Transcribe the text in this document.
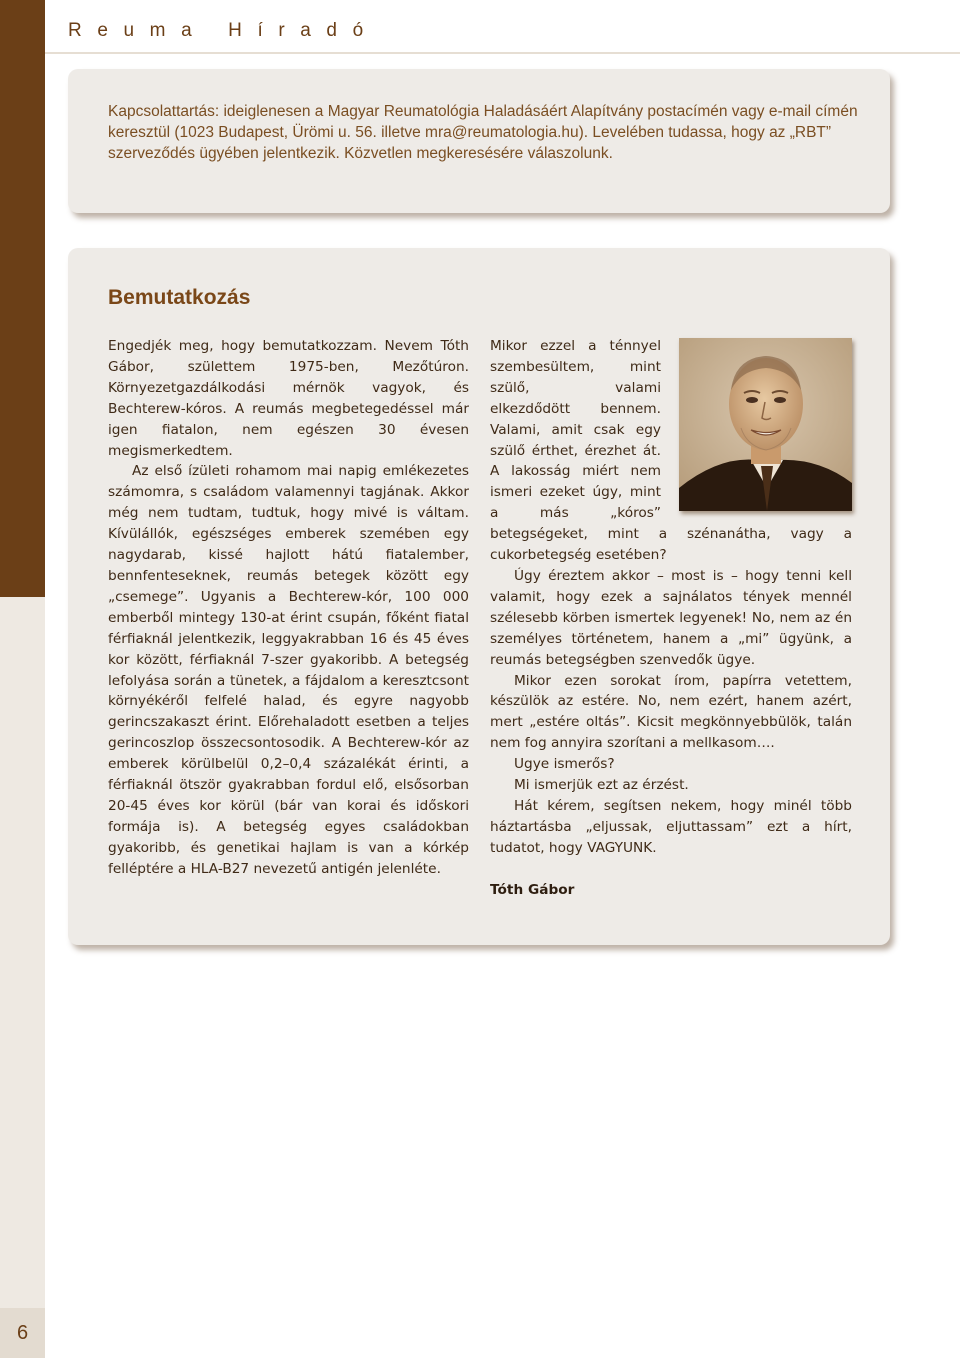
6
Reuma Híradó
Kapcsolattartás: ideiglenesen a Magyar Reumatológia Haladásáért Alapítvány postacímén vagy e-mail címén keresztül (1023 Budapest, Ürömi u. 56. illetve mra@reumatologia.hu). Levelében tudassa, hogy az „RBT” szerveződés ügyében jelentkezik. Közvetlen megkeresésére válaszolunk.
Bemutatkozás

Engedjék meg, hogy bemutatkozzam. Nevem Tóth Gábor, születtem 1975-ben, Mezőtúron. Környezetgazdálkodási mérnök vagyok, és Bechterew-kóros. A reumás megbetegedéssel már igen fiatalon, nem egészen 30 évesen megismerkedtem.

Az első ízületi rohamom mai napig emlékezetes számomra, s családom valamennyi tagjának. Akkor még nem tudtam, tudtuk, hogy mivé is váltam. Kívülállók, egészséges emberek szemében egy nagydarab, kissé hajlott hátú fiatalember, bennfenteseknek, reumás betegek között egy „csemege”. Ugyanis a Bechterew-kór, 100 000 emberből mintegy 130-at érint csupán, főként fiatal férfiaknál jelentkezik, leggyakrabban 16 és 45 éves kor között, férfiaknál 7-szer gyakoribb. A betegség lefolyása során a tünetek, a fájdalom a keresztcsont környékéről felfelé halad, és egyre nagyobb gerincszakaszt érint. Előrehaladott esetben a teljes gerincoszlop összecsontosodik. A Bechterew-kór az emberek körülbelül 0,2–0,4 százalékát érinti, a férfiaknál ötször gyakrabban fordul elő, elsősorban 20-45 éves kor körül (bár van korai és időskori formája is). A betegség egyes családokban gyakoribb, és genetikai hajlam is van a kórkép felléptére a HLA-B27 nevezetű antigén jelenléte.

Mikor ezzel a ténnyel szembesültem, mint szülő, valami elkezdődött bennem. Valami, amit csak egy szülő érthet, érezhet át. A lakosság miért nem ismeri ezeket úgy, mint a más „kóros” betegségeket, mint a szénanátha, vagy a cukorbetegség esetében?

Úgy éreztem akkor – most is – hogy tenni kell valamit, hogy ezek a sajnálatos tények mennél szélesebb körben ismertek legyenek! No, nem az én személyes történetem, hanem a „mi” ügyünk, a reumás betegségben szenvedők ügye.

Mikor ezen sorokat írom, papírra vetettem, készülök az estére. No, nem ezért, hanem azért, mert „estére oltás”. Kicsit megkönnyebbülök, talán nem fog annyira szorítani a mellkasom….

Ugye ismerős?

Mi ismerjük ezt az érzést.

Hát kérem, segítsen nekem, hogy minél több háztartásba „eljussak, eljuttassam” ezt a hírt, tudatot, hogy VAGYUNK.

Tóth Gábor
